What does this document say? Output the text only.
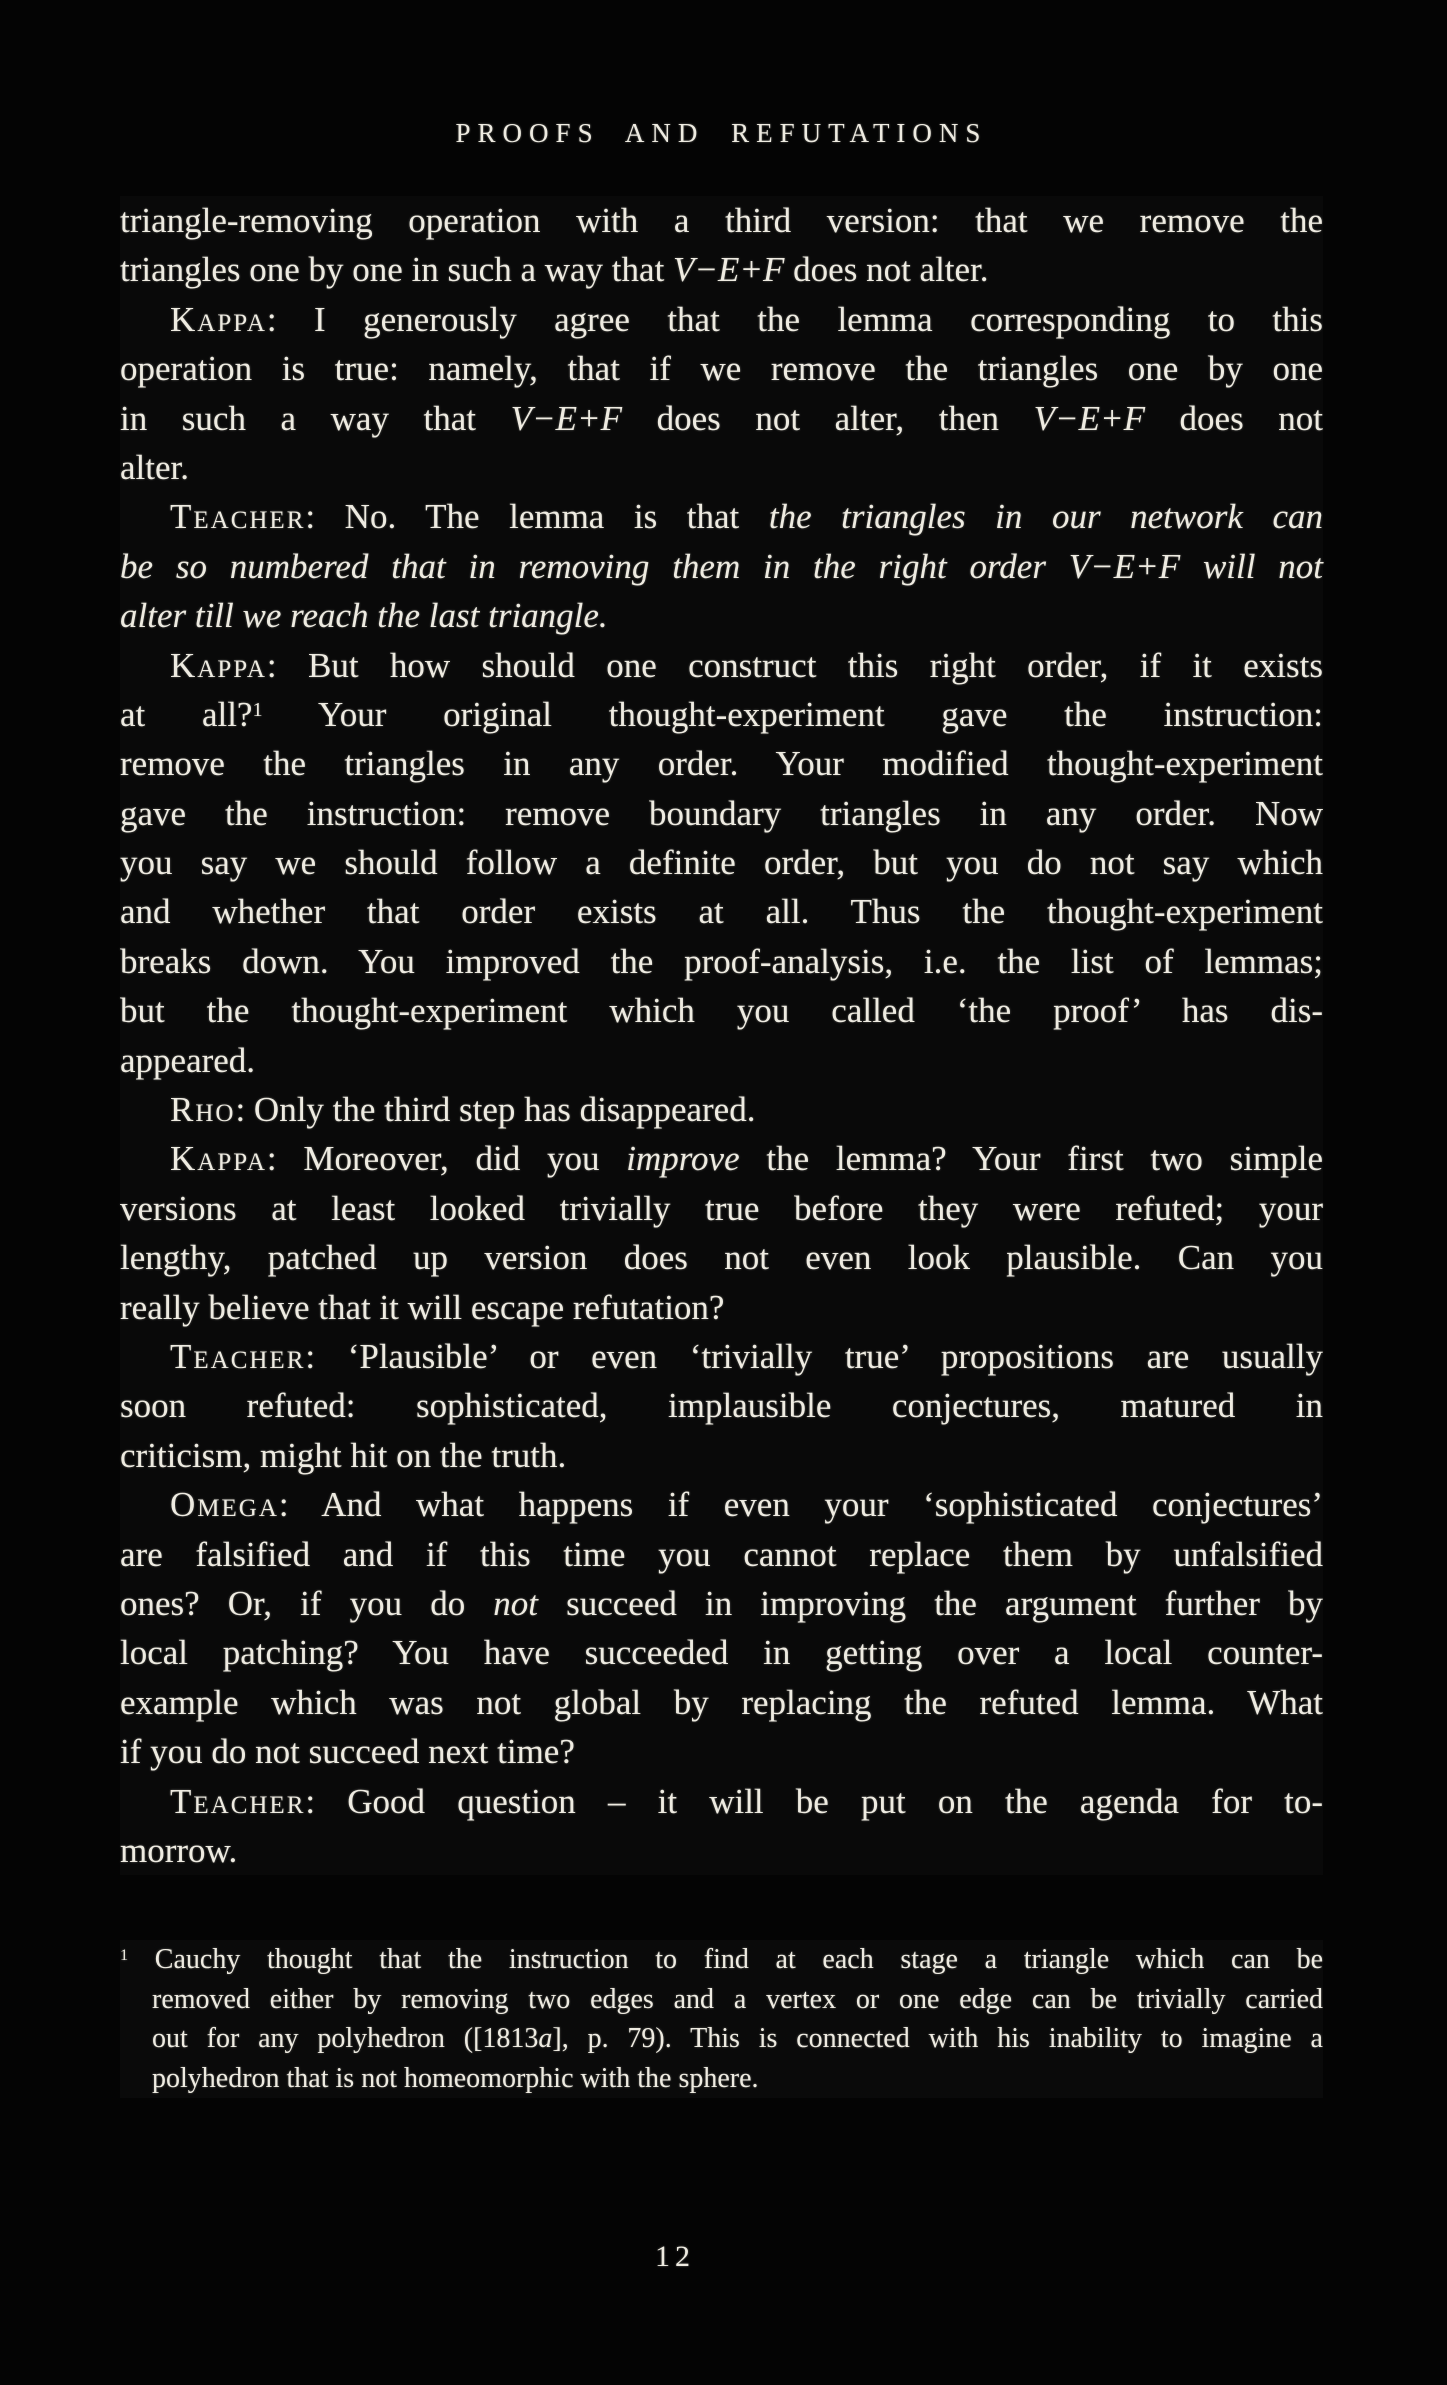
PROOFS AND REFUTATIONS
triangle-removing operation with a third version: that we remove the
triangles one by one in such a way that V−E+F does not alter.
Kappa: I generously agree that the lemma corresponding to this
operation is true: namely, that if we remove the triangles one by one
in such a way that V−E+F does not alter, then V−E+F does not
alter.
Teacher: No. The lemma is that the triangles in our network can
be so numbered that in removing them in the right order V−E+F will not
alter till we reach the last triangle.
Kappa: But how should one construct this right order, if it exists
at all?$^1$ Your original thought-experiment gave the instruction:
remove the triangles in any order. Your modified thought-experiment
gave the instruction: remove boundary triangles in any order. Now
you say we should follow a definite order, but you do not say which
and whether that order exists at all. Thus the thought-experiment
breaks down. You improved the proof-analysis, i.e. the list of lemmas;
but the thought-experiment which you called ‘the proof’ has dis-
appeared.
Rho: Only the third step has disappeared.
Kappa: Moreover, did you improve the lemma? Your first two simple
versions at least looked trivially true before they were refuted; your
lengthy, patched up version does not even look plausible. Can you
really believe that it will escape refutation?
Teacher: ‘Plausible’ or even ‘trivially true’ propositions are usually
soon refuted: sophisticated, implausible conjectures, matured in
criticism, might hit on the truth.
Omega: And what happens if even your ‘sophisticated conjectures’
are falsified and if this time you cannot replace them by unfalsified
ones? Or, if you do not succeed in improving the argument further by
local patching? You have succeeded in getting over a local counter-
example which was not global by replacing the refuted lemma. What
if you do not succeed next time?
Teacher: Good question – it will be put on the agenda for to-
morrow.
$^1$ Cauchy thought that the instruction to find at each stage a triangle which can be
removed either by removing two edges and a vertex or one edge can be trivially carried
out for any polyhedron ([1813a], p. 79). This is connected with his inability to imagine a
polyhedron that is not homeomorphic with the sphere.
12
